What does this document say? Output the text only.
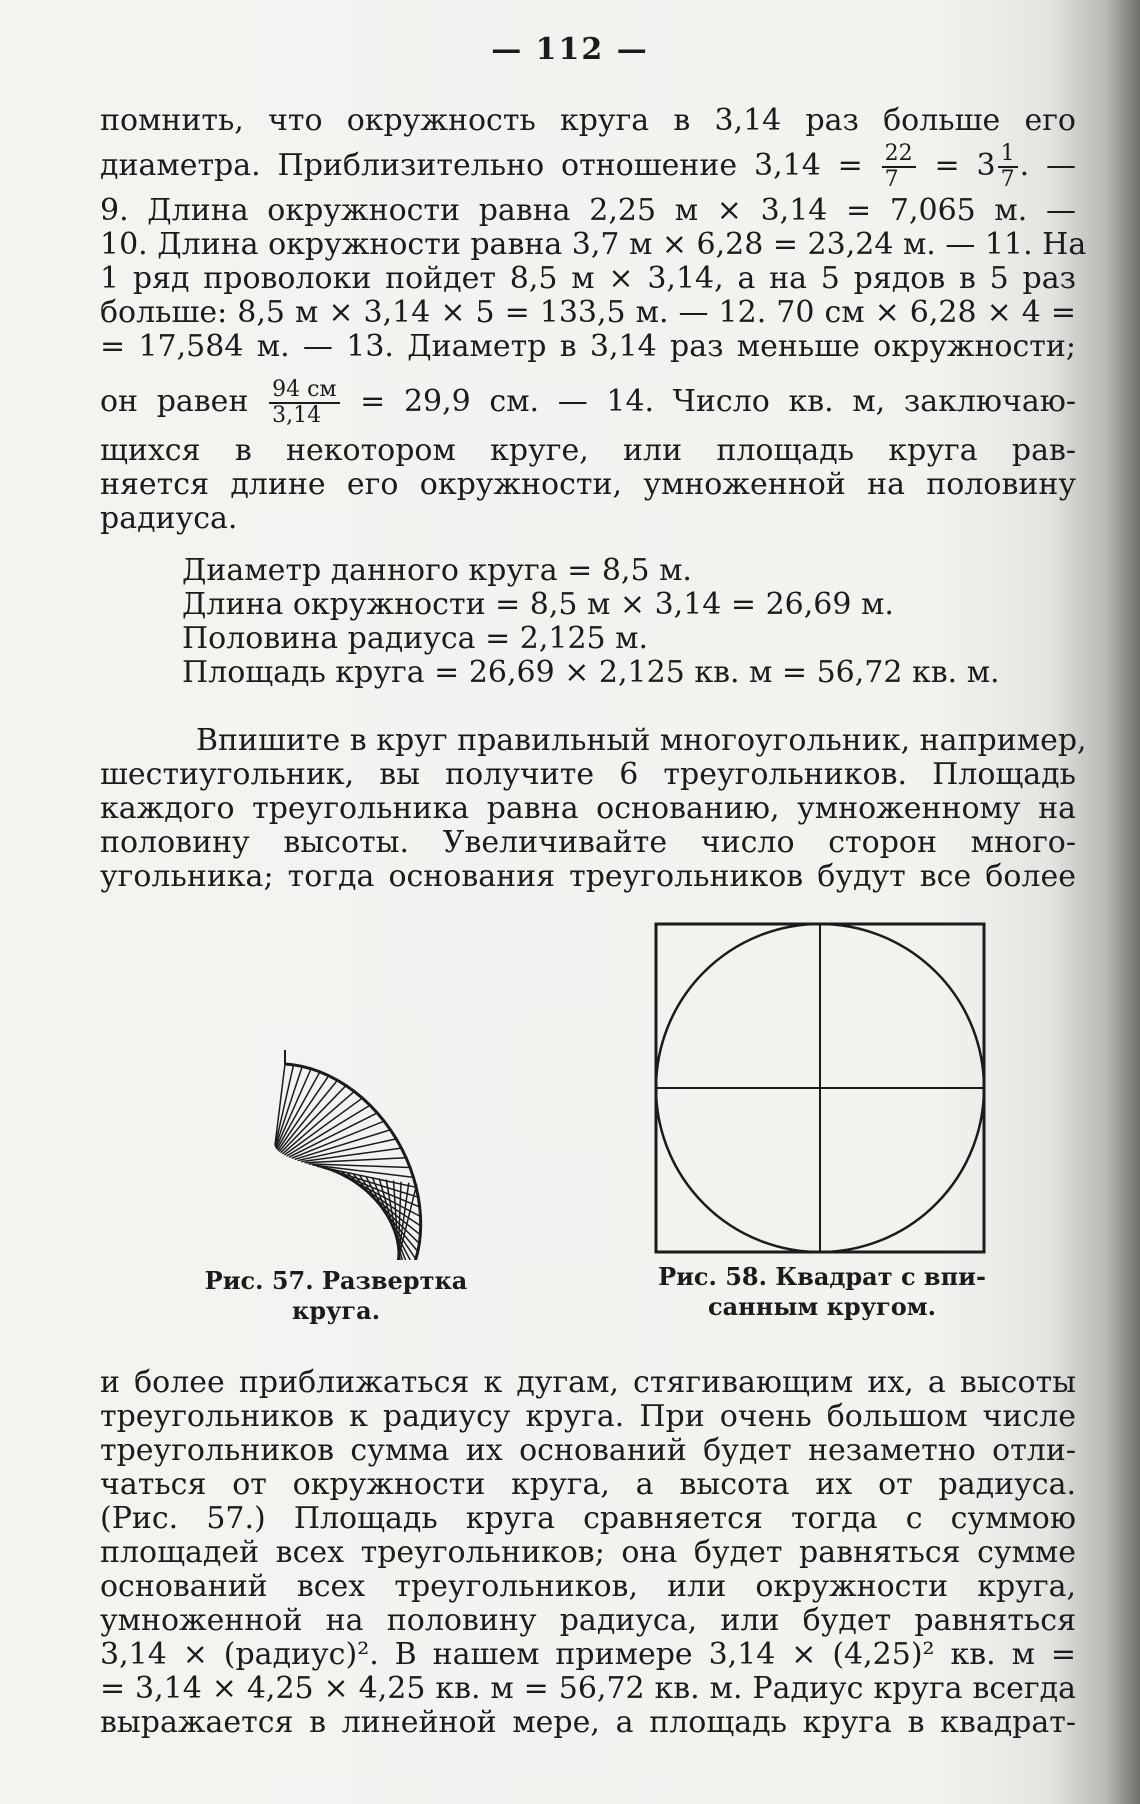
— 112 —
помнить, что окружность круга в 3,14 раз больше его
диаметра. Приблизительно отношение $3,14 = \frac{22}{7} = 3 \frac{1}{7}$ . —
9. Длина окружности равна 2,25 м × 3,14 = 7,065 м. —
10. Длина окружности равна 3,7 м × 6,28 = 23,24 м. — 11. На
1 ряд проволоки пойдет 8,5 м × 3,14, а на 5 рядов в 5 раз
больше: 8,5 м × 3,14 × 5 = 133,5 м. — 12. 70 см × 6,28 × 4 =
= 17,584 м. — 13. Диаметр в 3,14 раз меньше окружности;
он равен $\frac{94 см}{3,14} = 29,9$ см. — 14. Число кв. м, заключаю-
щихся в некотором круге, или площадь круга рав-
няется длине его окружности, умноженной на половину
радиуса.
Диаметр данного круга = 8,5 м.
Длина окружности = 8,5 м × 3,14 = 26,69 м.
Половина радиуса = 2,125 м.
Площадь круга = 26,69 × 2,125 кв. м = 56,72 кв. м.
Впишите в круг правильный многоугольник, например,
шестиугольник, вы получите 6 треугольников. Площадь
каждого треугольника равна основанию, умноженному на
половину высоты. Увеличивайте число сторон много-
угольника; тогда основания треугольников будут все более
Рис. 57. Развертка
круга.
Рис. 58. Квадрат с впи-
санным кругом.
и более приближаться к дугам, стягивающим их, а высоты
треугольников к радиусу круга. При очень большом числе
треугольников сумма их оснований будет незаметно отли-
чаться от окружности круга, а высота их от радиуса.
(Рис. 57.) Площадь круга сравняется тогда с суммою
площадей всех треугольников; она будет равняться сумме
оснований всех треугольников, или окружности круга,
умноженной на половину радиуса, или будет равняться
3,14 × (радиус)². В нашем примере 3,14 × (4,25)² кв. м =
= 3,14 × 4,25 × 4,25 кв. м = 56,72 кв. м. Радиус круга всегда
выражается в линейной мере, а площадь круга в квадрат-
